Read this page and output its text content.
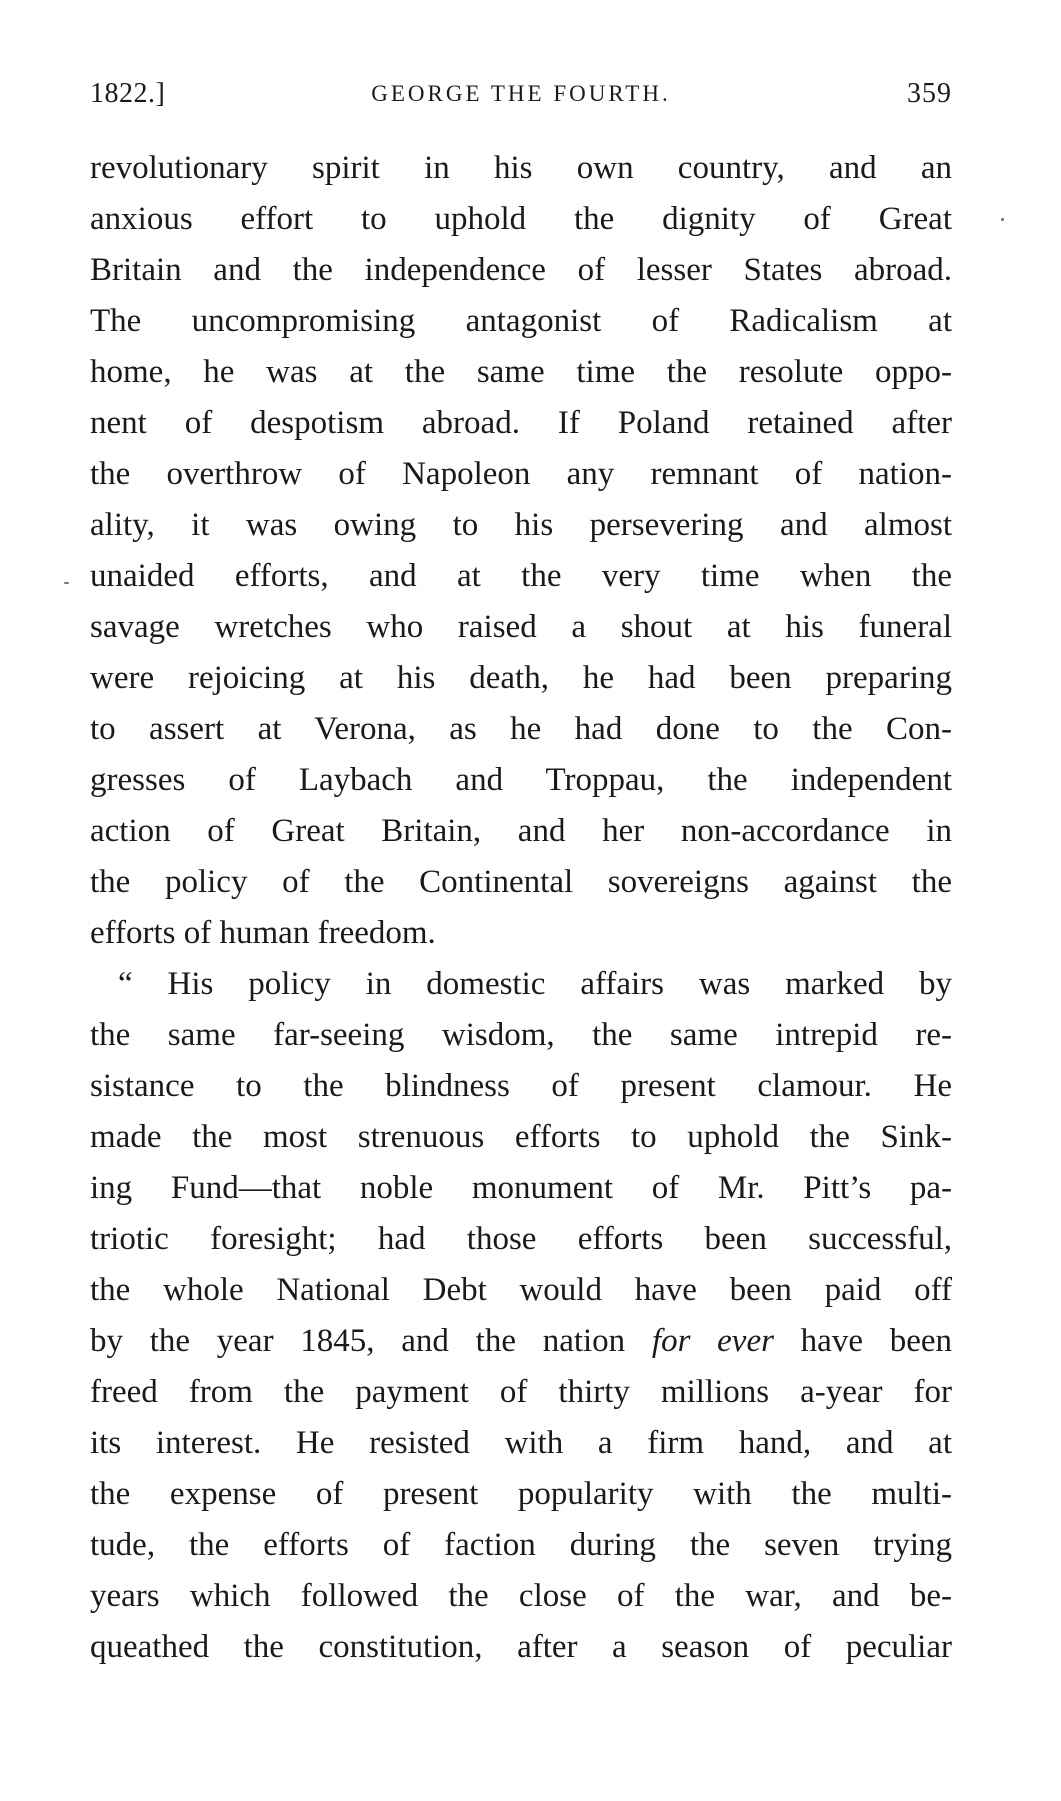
1822.]	GEORGE THE FOURTH.	359
revolutionary spirit in his own country, and an
anxious effort to uphold the dignity of Great
Britain and the independence of lesser States abroad.
The uncompromising antagonist of Radicalism at
home, he was at the same time the resolute oppo-
nent of despotism abroad. If Poland retained after
the overthrow of Napoleon any remnant of nation-
ality, it was owing to his persevering and almost
unaided efforts, and at the very time when the
savage wretches who raised a shout at his funeral
were rejoicing at his death, he had been preparing
to assert at Verona, as he had done to the Con-
gresses of Laybach and Troppau, the independent
action of Great Britain, and her non-accordance in
the policy of the Continental sovereigns against the
efforts of human freedom.
“ His policy in domestic affairs was marked by
the same far-seeing wisdom, the same intrepid re-
sistance to the blindness of present clamour. He
made the most strenuous efforts to uphold the Sink-
ing Fund—that noble monument of Mr. Pitt’s pa-
triotic foresight; had those efforts been successful,
the whole National Debt would have been paid off
by the year 1845, and the nation for ever have been
freed from the payment of thirty millions a-year for
its interest. He resisted with a firm hand, and at
the expense of present popularity with the multi-
tude, the efforts of faction during the seven trying
years which followed the close of the war, and be-
queathed the constitution, after a season of peculiar
